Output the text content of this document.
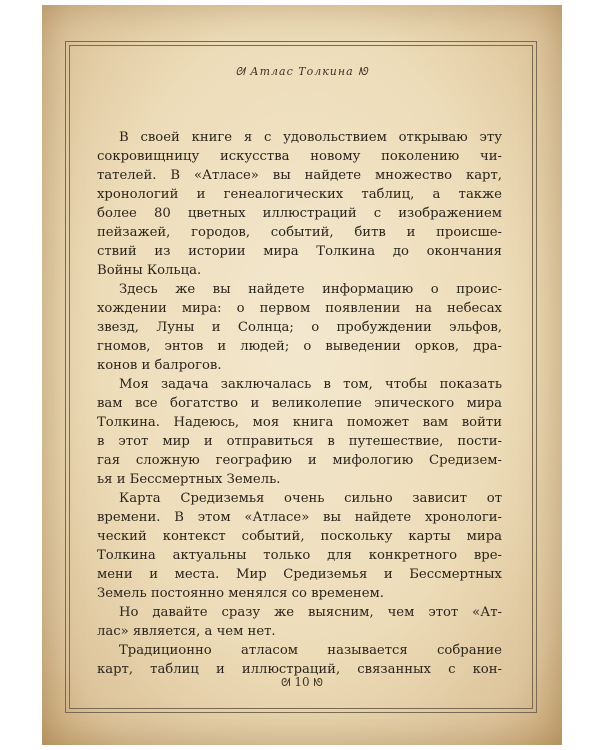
ᘛ Атлас Толкина ᘚ
В своей книге я с удовольствием открываю эту
сокровищницу искусства новому поколению чи-
тателей. В «Атласе» вы найдете множество карт,
хронологий и генеалогических таблиц, а также
более 80 цветных иллюстраций с изображением
пейзажей, городов, событий, битв и происше-
ствий из истории мира Толкина до окончания
Войны Кольца.
Здесь же вы найдете информацию о проис-
хождении мира: о первом появлении на небесах
звезд, Луны и Солнца; о пробуждении эльфов,
гномов, энтов и людей; о выведении орков, дра-
конов и балрогов.
Моя задача заключалась в том, чтобы показать
вам все богатство и великолепие эпического мира
Толкина. Надеюсь, моя книга поможет вам войти
в этот мир и отправиться в путешествие, пости-
гая сложную географию и мифологию Средизем-
ья и Бессмертных Земель.
Карта Средиземья очень сильно зависит от
времени. В этом «Атласе» вы найдете хронологи-
ческий контекст событий, поскольку карты мира
Толкина актуальны только для конкретного вре-
мени и места. Мир Средиземья и Бессмертных
Земель постоянно менялся со временем.
Но давайте сразу же выясним, чем этот «Ат-
лас» является, а чем нет.
Традиционно атласом называется собрание
карт, таблиц и иллюстраций, связанных с кон-
ᘛ 10 ᘚ
